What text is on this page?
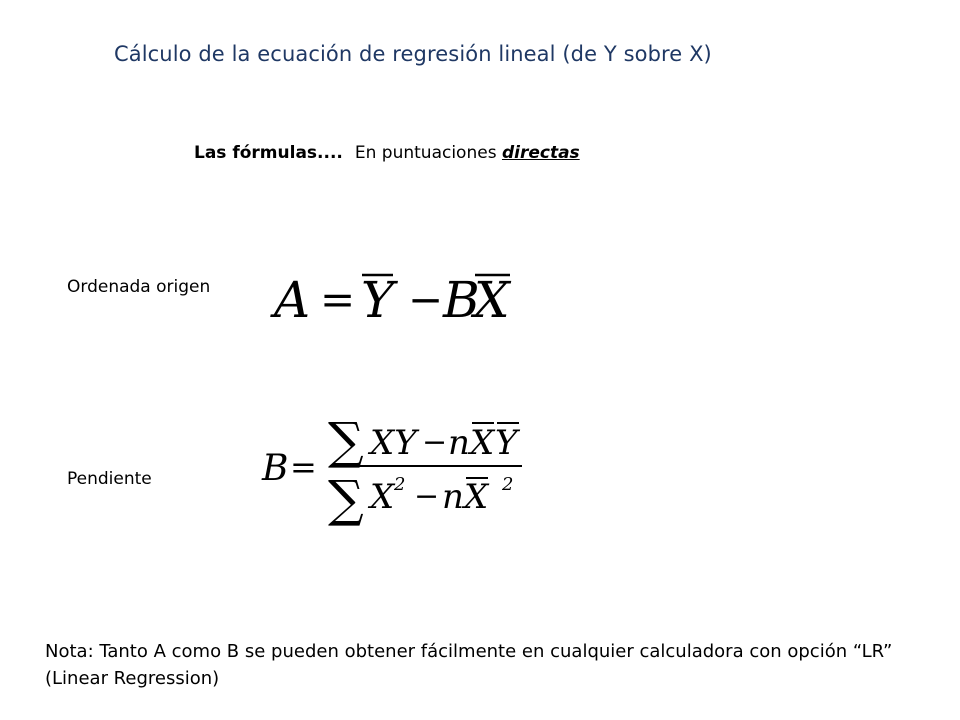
Cálculo de la ecuación de regresión lineal (de Y sobre X)
Las fórmulas.... En puntuaciones directas
Ordenada origen A = Y − B
X
Pendiente	B = ∑ XY − n X Y
∑ X 2 − n X 2
Nota: Tanto A como B se pueden obtener fácilmente en cualquier calculadora con opción “LR” (Linear Regression)
